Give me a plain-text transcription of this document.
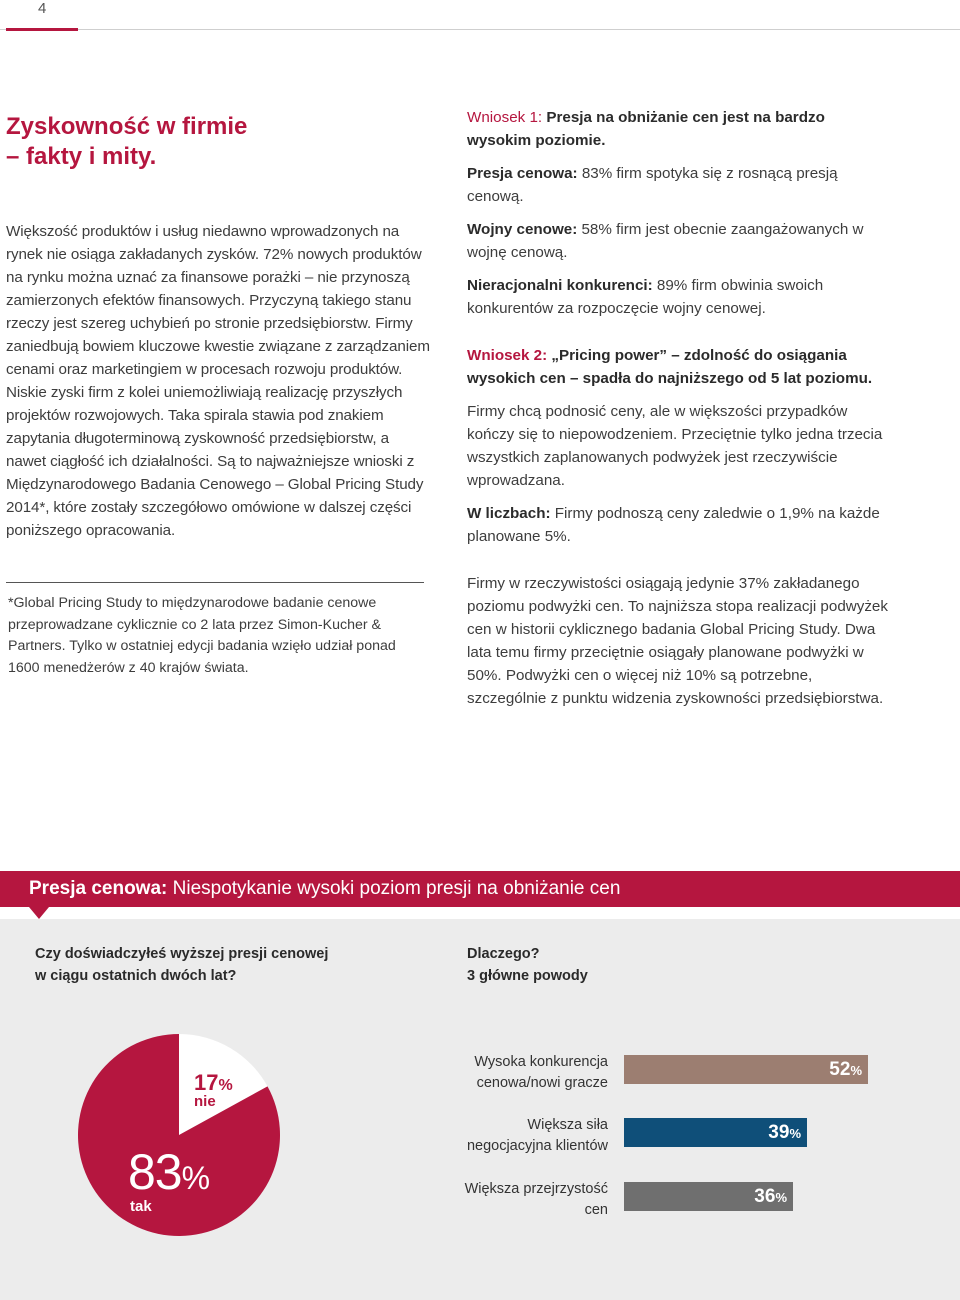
4
Zyskowność w firmie
– fakty i mity.

Większość produktów i usług niedawno wprowadzonych na rynek nie osiąga zakładanych zysków. 72% nowych produktów na rynku można uznać za finansowe porażki – nie przynoszą zamierzonych efektów finansowych. Przyczyną takiego stanu rzeczy jest szereg uchybień po stronie przedsiębiorstw. Firmy zaniedbują bowiem kluczowe kwestie związane z zarządzaniem cenami oraz marketingiem w procesach rozwoju produktów. Niskie zyski firm z kolei uniemożliwiają realizację przyszłych projektów rozwojowych. Taka spirala stawia pod znakiem zapytania długoterminową zyskowność przedsiębiorstw, a nawet ciągłość ich działalności. Są to najważniejsze wnioski z Międzynarodowego Badania Cenowego – Global Pricing Study 2014*, które zostały szczegółowo omówione w dalszej części poniższego opracowania.

*Global Pricing Study to międzynarodowe badanie cenowe przeprowadzane cyklicznie co 2 lata przez Simon-Kucher & Partners. Tylko w ostatniej edycji badania wzięło udział ponad 1600 menedżerów z 40 krajów świata.

Wniosek 1: Presja na obniżanie cen jest na bardzo wysokim poziomie.

Presja cenowa: 83% firm spotyka się z rosnącą presją cenową.

Wojny cenowe: 58% firm jest obecnie zaangażowanych w wojnę cenową.

Nieracjonalni konkurenci: 89% firm obwinia swoich konkurentów za rozpoczęcie wojny cenowej.

Wniosek 2: „Pricing power” – zdolność do osiągania wysokich cen – spadła do najniższego od 5 lat poziomu.

Firmy chcą podnosić ceny, ale w większości przypadków kończy się to niepowodzeniem. Przeciętnie tylko jedna trzecia wszystkich zaplanowanych podwyżek jest rzeczywiście wprowadzana.

W liczbach: Firmy podnoszą ceny zaledwie o 1,9% na każde planowane 5%.

Firmy w rzeczywistości osiągają jedynie 37% zakładanego poziomu podwyżki cen. To najniższa stopa realizacji podwyżek cen w historii cyklicznego badania Global Pricing Study. Dwa lata temu firmy przeciętnie osiągały planowane podwyżki w 50%. Podwyżki cen o więcej niż 10% są potrzebne, szczególnie z punktu widzenia zyskowności przedsiębiorstwa.

Presja cenowa: Niespotykanie wysoki poziom presji na obniżanie cen
Czy doświadczyłeś wyższej presji cenowej
w ciągu ostatnich dwóch lat?
Dlaczego?
3 główne powody
17%
nie
83%
tak
Wysoka konkurencja
cenowa/nowi gracze
52%
Większa siła
negocjacyjna klientów
39%
Większa przejrzystość
cen
36%
